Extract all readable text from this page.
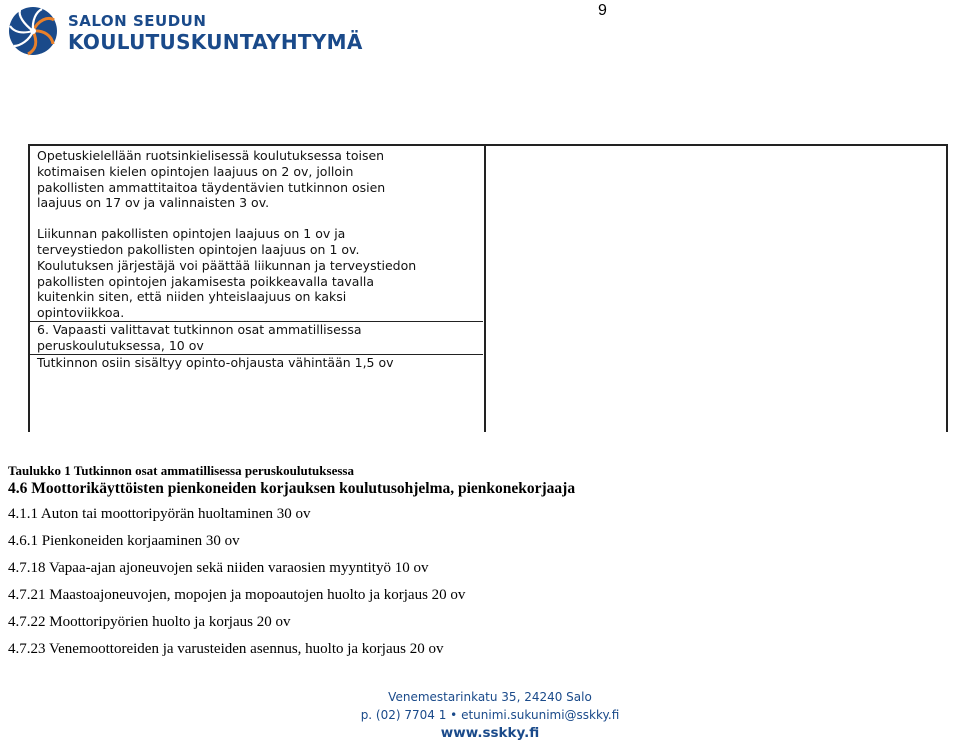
SALON SEUDUN
KOULUTUSKUNTAYHTYMÄ
9

Opetuskielellään ruotsinkielisessä koulutuksessa toisen

kotimaisen kielen opintojen laajuus on 2 ov, jolloin

pakollisten ammattitaitoa täydentävien tutkinnon osien

laajuus on 17 ov ja valinnaisten 3 ov.

Liikunnan pakollisten opintojen laajuus on 1 ov ja

terveystiedon pakollisten opintojen laajuus on 1 ov.

Koulutuksen järjestäjä voi päättää liikunnan ja terveystiedon

pakollisten opintojen jakamisesta poikkeavalla tavalla

kuitenkin siten, että niiden yhteislaajuus on kaksi

opintoviikkoa.

6. Vapaasti valittavat tutkinnon osat ammatillisessa

peruskoulutuksessa, 10 ov

Tutkinnon osiin sisältyy opinto-ohjausta vähintään 1,5 ov

Taulukko 1 Tutkinnon osat ammatillisessa peruskoulutuksessa
4.6 Moottorikäyttöisten pienkoneiden korjauksen koulutusohjelma, pienkonekorjaaja
4.1.1 Auton tai moottoripyörän huoltaminen 30 ov
4.6.1 Pienkoneiden korjaaminen 30 ov
4.7.18 Vapaa-ajan ajoneuvojen sekä niiden varaosien myyntityö 10 ov
4.7.21 Maastoajoneuvojen, mopojen ja mopoautojen huolto ja korjaus 20 ov
4.7.22 Moottoripyörien huolto ja korjaus 20 ov
4.7.23 Venemoottoreiden ja varusteiden asennus, huolto ja korjaus 20 ov
Venemestarinkatu 35, 24240 Salo
p. (02) 7704 1 • etunimi.sukunimi@sskky.fi
www.sskky.fi
